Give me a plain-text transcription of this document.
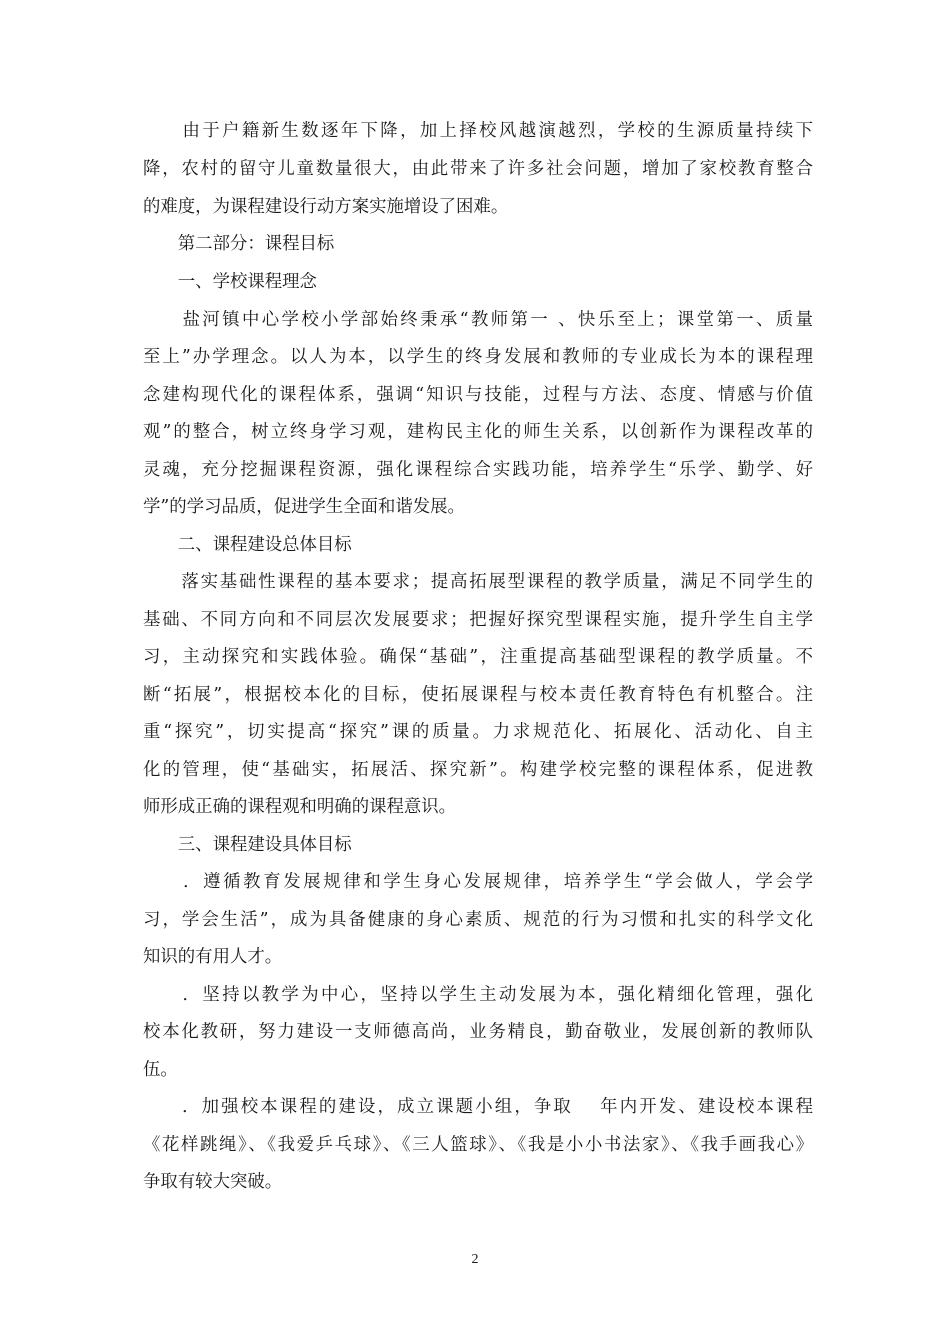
　　由于户籍新生数逐年下降，加上择校风越演越烈，学校的生源质量持续下
降，农村的留守儿童数量很大，由此带来了许多社会问题，增加了家校教育整合
的难度，为课程建设行动方案实施增设了困难。
　　第二部分：课程目标
　　一、学校课程理念
　　盐河镇中心学校小学部始终秉承“教师第一 、快乐至上；课堂第一、质量
至上”办学理念。以人为本，以学生的终身发展和教师的专业成长为本的课程理
念建构现代化的课程体系，强调“知识与技能，过程与方法、态度、情感与价值
观”的整合，树立终身学习观，建构民主化的师生关系，以创新作为课程改革的
灵魂，充分挖掘课程资源，强化课程综合实践功能，培养学生“乐学、勤学、好
学”的学习品质，促进学生全面和谐发展。
　　二、课程建设总体目标
　　落实基础性课程的基本要求；提高拓展型课程的教学质量，满足不同学生的
基础、不同方向和不同层次发展要求；把握好探究型课程实施，提升学生自主学
习，主动探究和实践体验。确保“基础”，注重提高基础型课程的教学质量。不
断“拓展”，根据校本化的目标，使拓展课程与校本责任教育特色有机整合。注
重“探究”，切实提高“探究”课的质量。力求规范化、拓展化、活动化、自主
化的管理，使“基础实，拓展活、探究新”。构建学校完整的课程体系，促进教
师形成正确的课程观和明确的课程意识。
　　三、课程建设具体目标
　　．遵循教育发展规律和学生身心发展规律，培养学生“学会做人，学会学
习，学会生活”，成为具备健康的身心素质、规范的行为习惯和扎实的科学文化
知识的有用人才。
　　．坚持以教学为中心，坚持以学生主动发展为本，强化精细化管理，强化
校本化教研，努力建设一支师德高尚，业务精良，勤奋敬业，发展创新的教师队
伍。
　　．加强校本课程的建设，成立课题小组，争取　 年内开发、建设校本课程
《花样跳绳》、《我爱乒乓球》、《三人篮球》、《我是小小书法家》、《我手画我心》
争取有较大突破。
2
